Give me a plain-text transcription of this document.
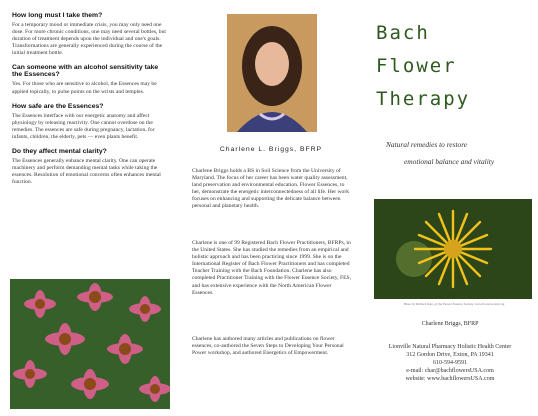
How long must I take them?
For a temporary mood or immediate crisis, you may only need one dose. For more chronic conditions, one may need several bottles, but duration of treatment depends upon the individual and one's goals. Transformations are generally experienced during the course of the initial treatment bottle.
Can someone with an alcohol sensitivity take the Essences?
Yes. For those who are sensitive to alcohol, the Essences may be applied topically, to pulse points on the wrists and temples.
How safe are the Essences?
The Essences interface with our energetic anatomy and affect physiology by releasing reactivity. One cannot overdose on the remedies. The essences are safe during pregnancy, lactation, for infants, children, the elderly, pets — even plants benefit.
Do they affect mental clarity?
The Essences generally enhance mental clarity. One can operate machinery and perform demanding mental tasks while taking the essences. Resolution of emotional concerns often enhances mental function.
Charlene L. Briggs, BFRP
Charlene Briggs holds a BS in Soil Science from the University of Maryland. The focus of her career has been water quality assessment, land preservation and environmental education. Flower Essences, to her, demonstrate the energetic interconnectedness of all life. Her work focuses on enhancing and supporting the delicate balance between personal and planetary health.
Charlene is one of 99 Registered Bach Flower Practitioners, BFRPs, in the United States. She has studied the remedies from an empirical and holistic approach and has been practicing since 1999. She is on the International Register of Bach Flower Practitioners and has completed Teacher Training with the Bach Foundation. Charlene has also completed Practitioner Training with the Flower Essence Society, FES, and has extensive experience with the North American Flower Essences.
Charlene has authored many articles and publications on flower essences, co-authored the Seven Steps to Developing Your Personal Power workshop, and authored Energetics of Empowerment.
Bach
Flower
Therapy
Natural remedies to restore
emotional balance and vitality
Photo by Richard Katz, @ the Flower Essence Society, www.flowersociety.org
Charlene Briggs, BFRP
Lionville Natural Pharmacy Holistic Health Center
312 Gordon Drive, Exton, PA 19341
610-594-9591
e-mail: char@bachflowersUSA.com
website: www.bachflowersUSA.com
